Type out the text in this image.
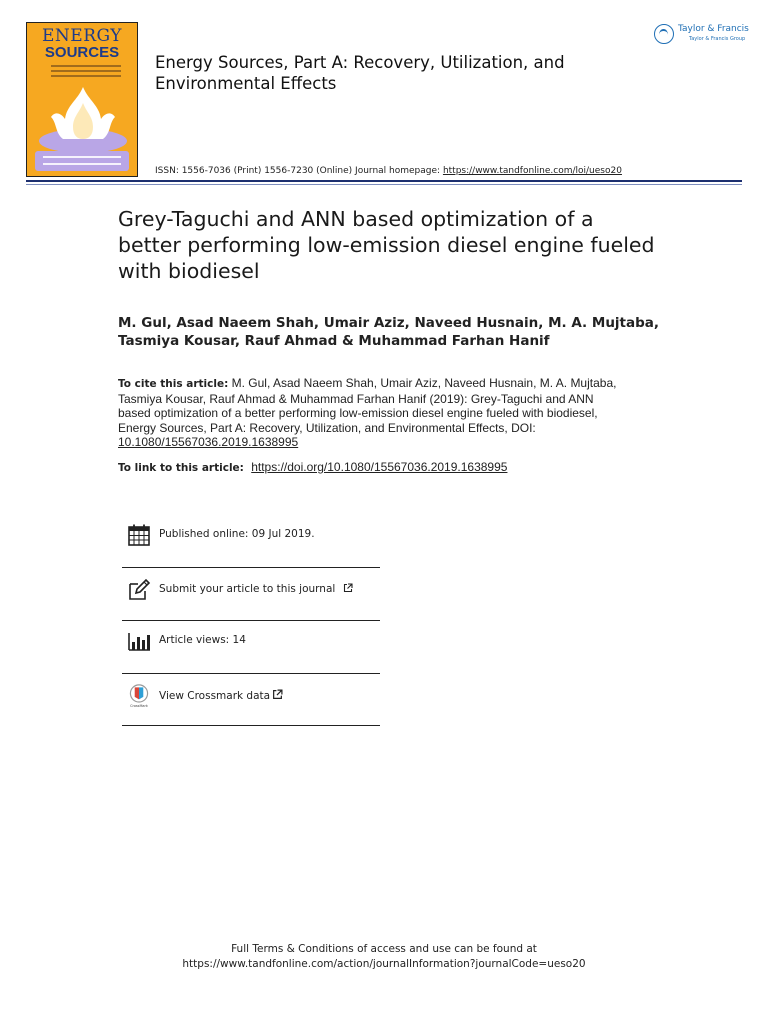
ENERGY
SOURCES
Energy Sources, Part A: Recovery, Utilization, and Environmental Effects
ISSN: 1556-7036 (Print) 1556-7230 (Online) Journal homepage: https://www.tandfonline.com/loi/ueso20
Taylor & Francis
Taylor & Francis Group
Grey-Taguchi and ANN based optimization of a better performing low-emission diesel engine fueled with biodiesel
M. Gul, Asad Naeem Shah, Umair Aziz, Naveed Husnain, M. A. Mujtaba, Tasmiya Kousar, Rauf Ahmad & Muhammad Farhan Hanif
To cite this article: M. Gul, Asad Naeem Shah, Umair Aziz, Naveed Husnain, M. A. Mujtaba, Tasmiya Kousar, Rauf Ahmad & Muhammad Farhan Hanif (2019): Grey-Taguchi and ANN based optimization of a better performing low-emission diesel engine fueled with biodiesel, Energy Sources, Part A: Recovery, Utilization, and Environmental Effects, DOI: 10.1080/15567036.2019.1638995
To link to this article: https://doi.org/10.1080/15567036.2019.1638995
Published online: 09 Jul 2019.
Submit your article to this journal
Article views: 14
CrossMark
View Crossmark data
Full Terms & Conditions of access and use can be found at
https://www.tandfonline.com/action/journalInformation?journalCode=ueso20
